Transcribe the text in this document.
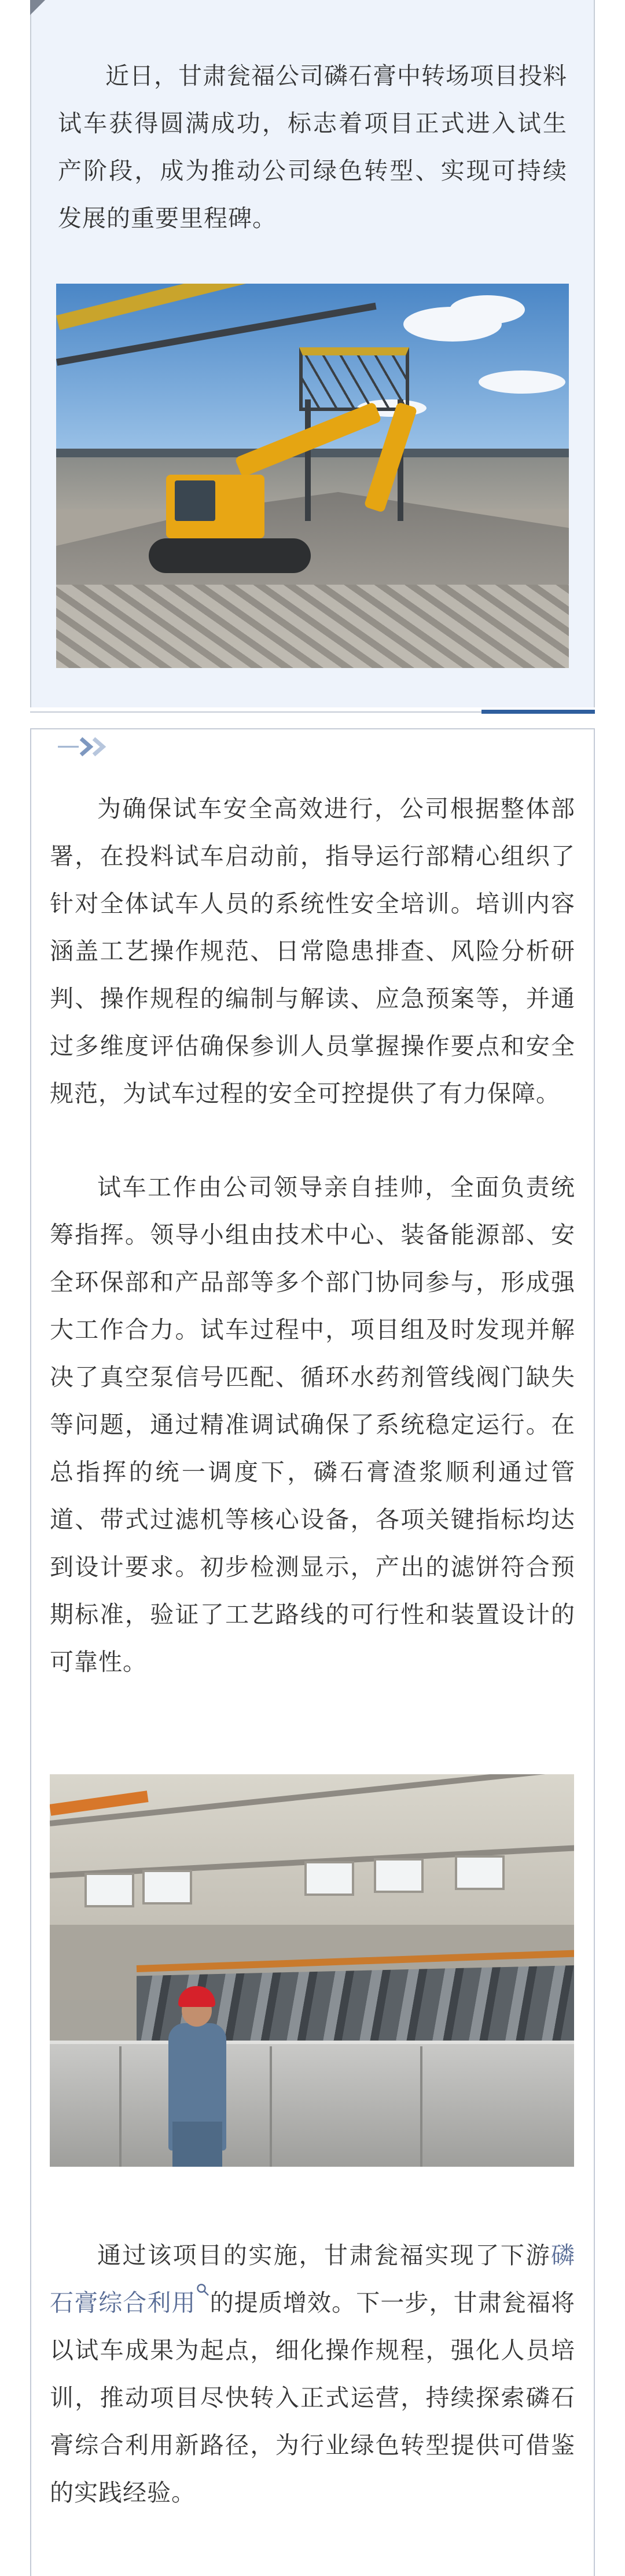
近日，甘肃瓮福公司磷石膏中转场项目投料试车获得圆满成功，标志着项目正式进入试生产阶段，成为推动公司绿色转型、实现可持续发展的重要里程碑。

为确保试车安全高效进行，公司根据整体部署，在投料试车启动前，指导运行部精心组织了针对全体试车人员的系统性安全培训。培训内容涵盖工艺操作规范、日常隐患排查、风险分析研判、操作规程的编制与解读、应急预案等，并通过多维度评估确保参训人员掌握操作要点和安全规范，为试车过程的安全可控提供了有力保障。

试车工作由公司领导亲自挂帅，全面负责统筹指挥。领导小组由技术中心、装备能源部、安全环保部和产品部等多个部门协同参与，形成强大工作合力。试车过程中，项目组及时发现并解决了真空泵信号匹配、循环水药剂管线阀门缺失等问题，通过精准调试确保了系统稳定运行。在总指挥的统一调度下，磷石膏渣浆顺利通过管道、带式过滤机等核心设备，各项关键指标均达到设计要求。初步检测显示，产出的滤饼符合预期标准，验证了工艺路线的可行性和装置设计的可靠性。

通过该项目的实施，甘肃瓮福实现了下游磷石膏综合利用 的提质增效。下一步，甘肃瓮福将以试车成果为起点，细化操作规程，强化人员培训，推动项目尽快转入正式运营，持续探索磷石膏综合利用新路径，为行业绿色转型提供可借鉴的实践经验。
